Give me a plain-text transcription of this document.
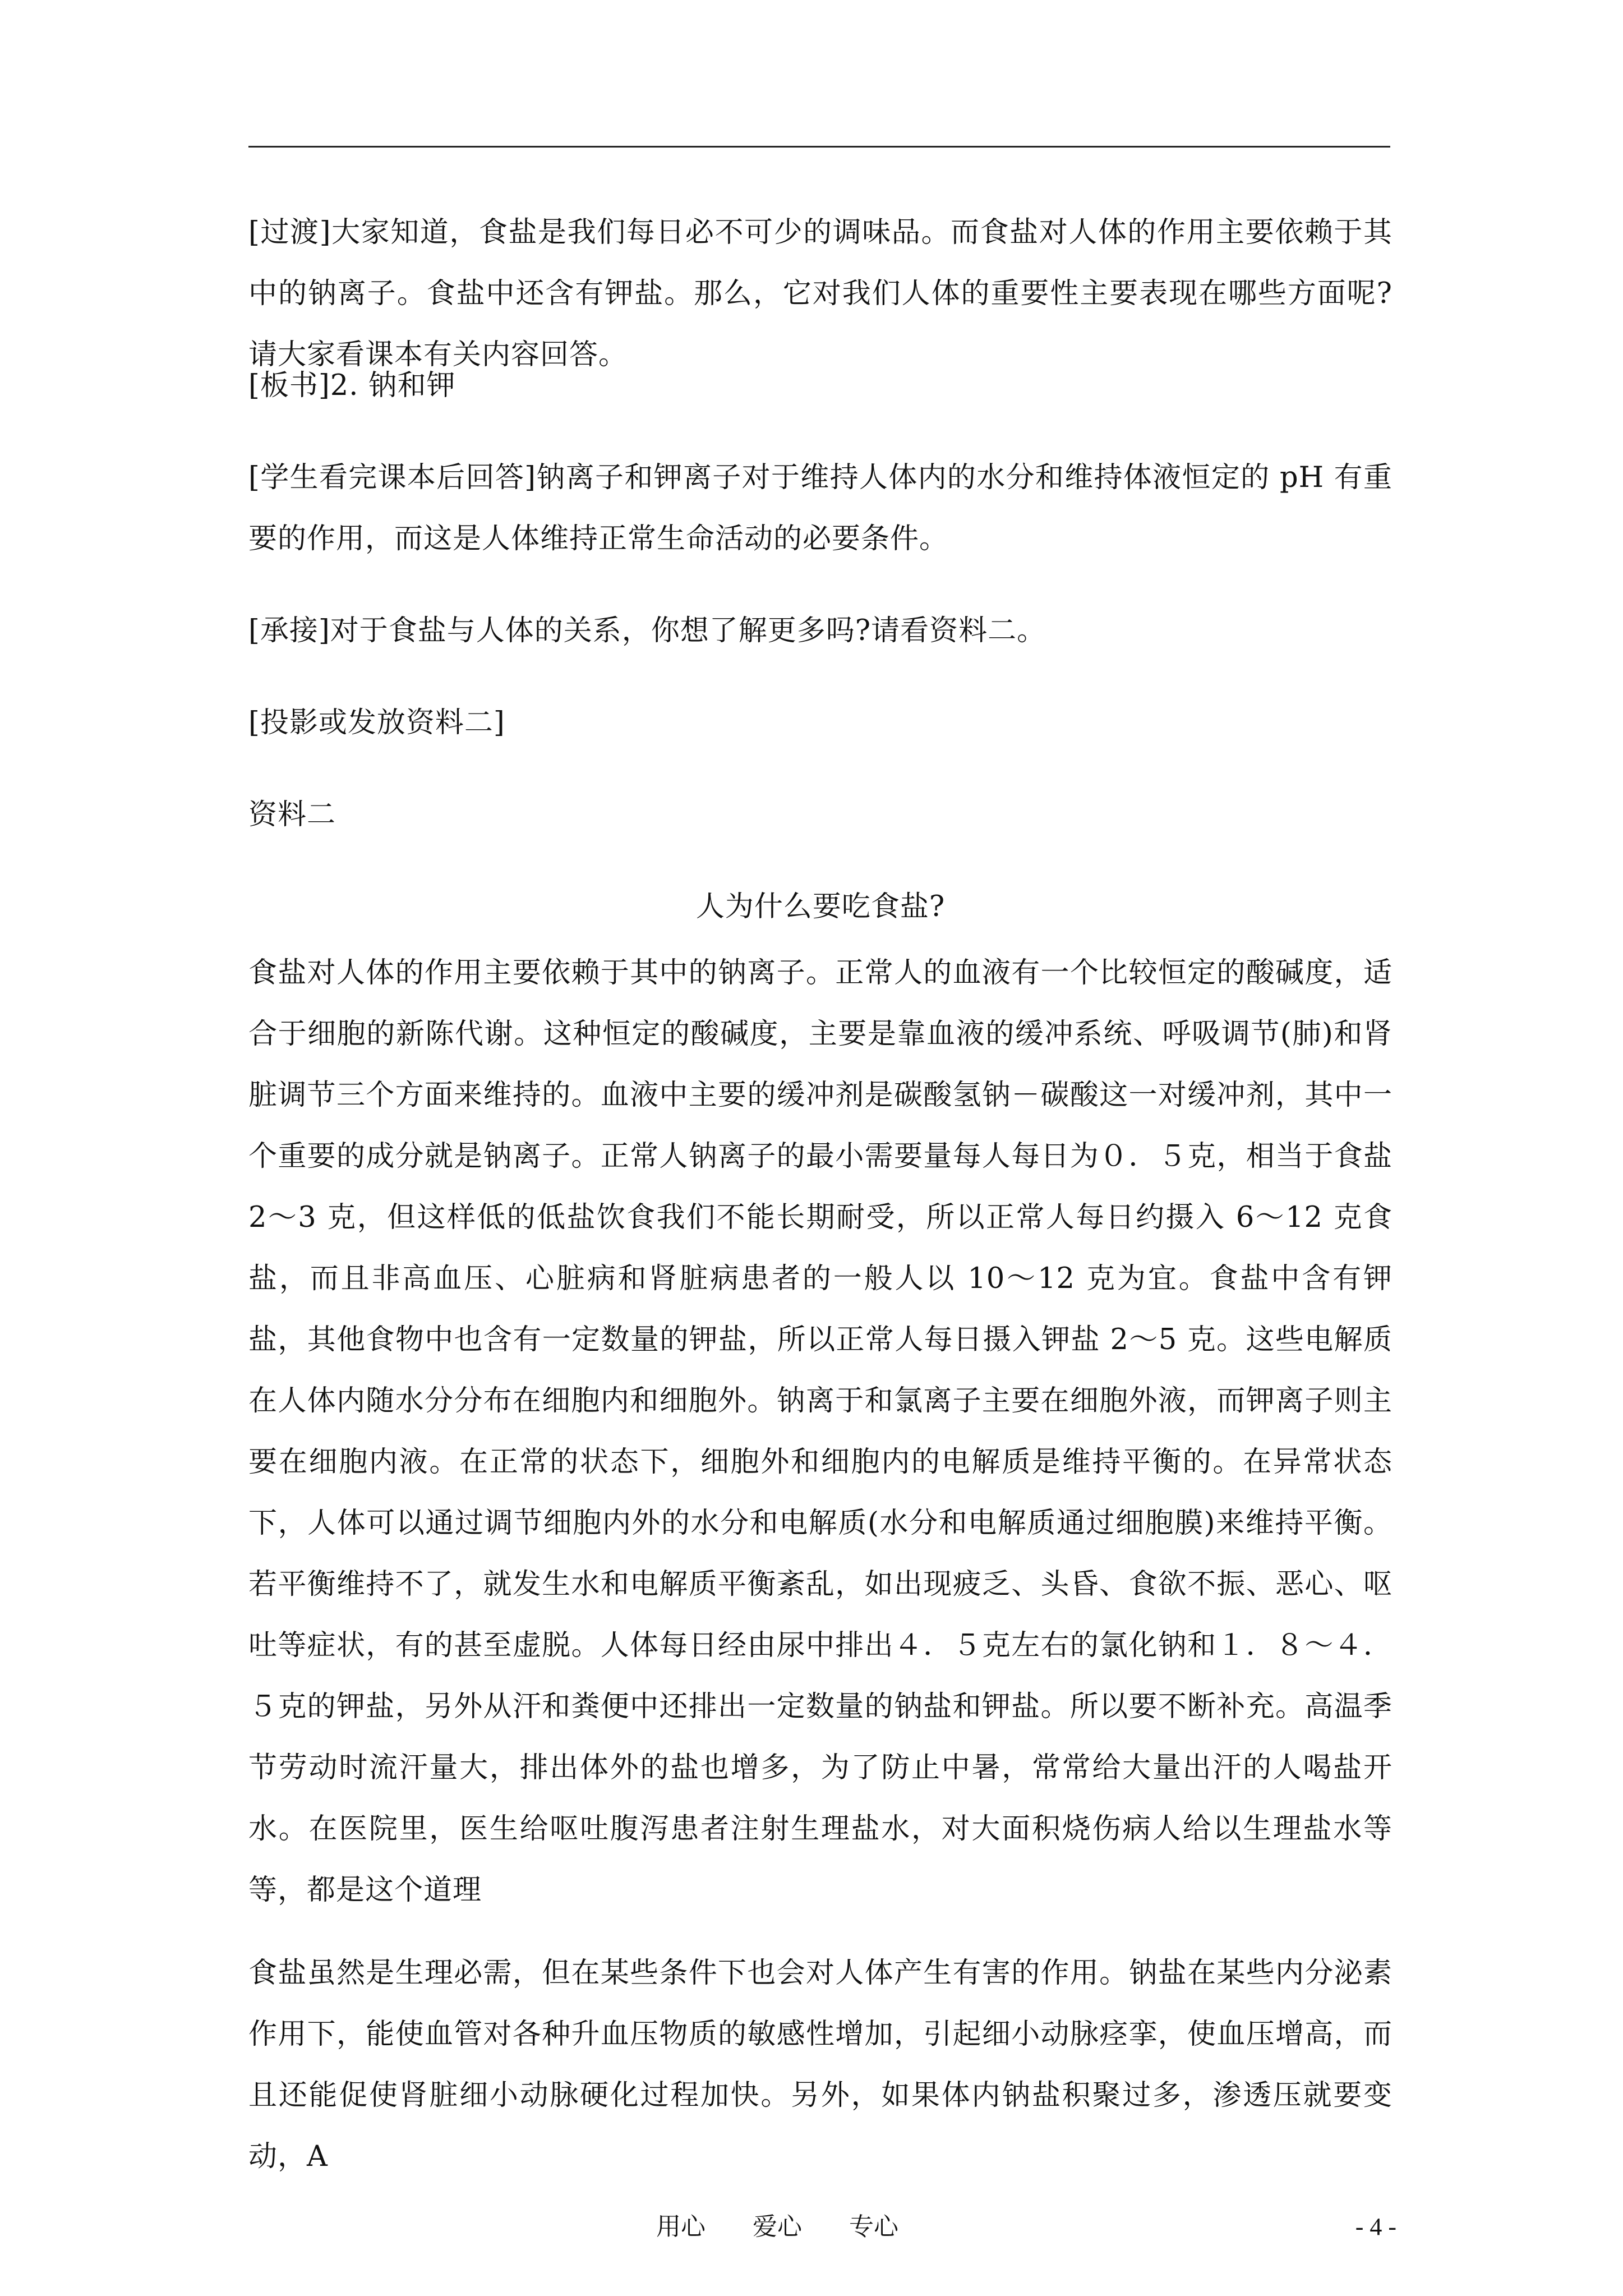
[过渡]大家知道，食盐是我们每日必不可少的调味品。而食盐对人体的作用主要依赖于其中的钠离子。食盐中还含有钾盐。那么，它对我们人体的重要性主要表现在哪些方面呢?请大家看课本有关内容回答。

[板书]2. 钠和钾

[学生看完课本后回答]钠离子和钾离子对于维持人体内的水分和维持体液恒定的 pH 有重要的作用，而这是人体维持正常生命活动的必要条件。

[承接]对于食盐与人体的关系，你想了解更多吗?请看资料二。

[投影或发放资料二]

资料二

人为什么要吃食盐?

食盐对人体的作用主要依赖于其中的钠离子。正常人的血液有一个比较恒定的酸碱度，适合于细胞的新陈代谢。这种恒定的酸碱度，主要是靠血液的缓冲系统、呼吸调节(肺)和肾脏调节三个方面来维持的。血液中主要的缓冲剂是碳酸氢钠－碳酸这一对缓冲剂，其中一个重要的成分就是钠离子。正常人钠离子的最小需要量每人每日为０．５克，相当于食盐 2～3 克，但这样低的低盐饮食我们不能长期耐受，所以正常人每日约摄入 6～12 克食盐，而且非高血压、心脏病和肾脏病患者的一般人以 10～12 克为宜。食盐中含有钾盐，其他食物中也含有一定数量的钾盐，所以正常人每日摄入钾盐 2～5 克。这些电解质在人体内随水分分布在细胞内和细胞外。钠离于和氯离子主要在细胞外液，而钾离子则主要在细胞内液。在正常的状态下，细胞外和细胞内的电解质是维持平衡的。在异常状态下，人体可以通过调节细胞内外的水分和电解质(水分和电解质通过细胞膜)来维持平衡。若平衡维持不了，就发生水和电解质平衡紊乱，如出现疲乏、头昏、食欲不振、恶心、呕吐等症状，有的甚至虚脱。人体每日经由尿中排出４．５克左右的氯化钠和１．８～４．５克的钾盐，另外从汗和粪便中还排出一定数量的钠盐和钾盐。所以要不断补充。高温季节劳动时流汗量大，排出体外的盐也增多，为了防止中暑，常常给大量出汗的人喝盐开水。在医院里，医生给呕吐腹泻患者注射生理盐水，对大面积烧伤病人给以生理盐水等等，都是这个道理

食盐虽然是生理必需，但在某些条件下也会对人体产生有害的作用。钠盐在某些内分泌素作用下，能使血管对各种升血压物质的敏感性增加，引起细小动脉痉挛，使血压增高，而且还能促使肾脏细小动脉硬化过程加快。另外，如果体内钠盐积聚过多，渗透压就要变动，A

用心 爱心 专心	- 4 -
